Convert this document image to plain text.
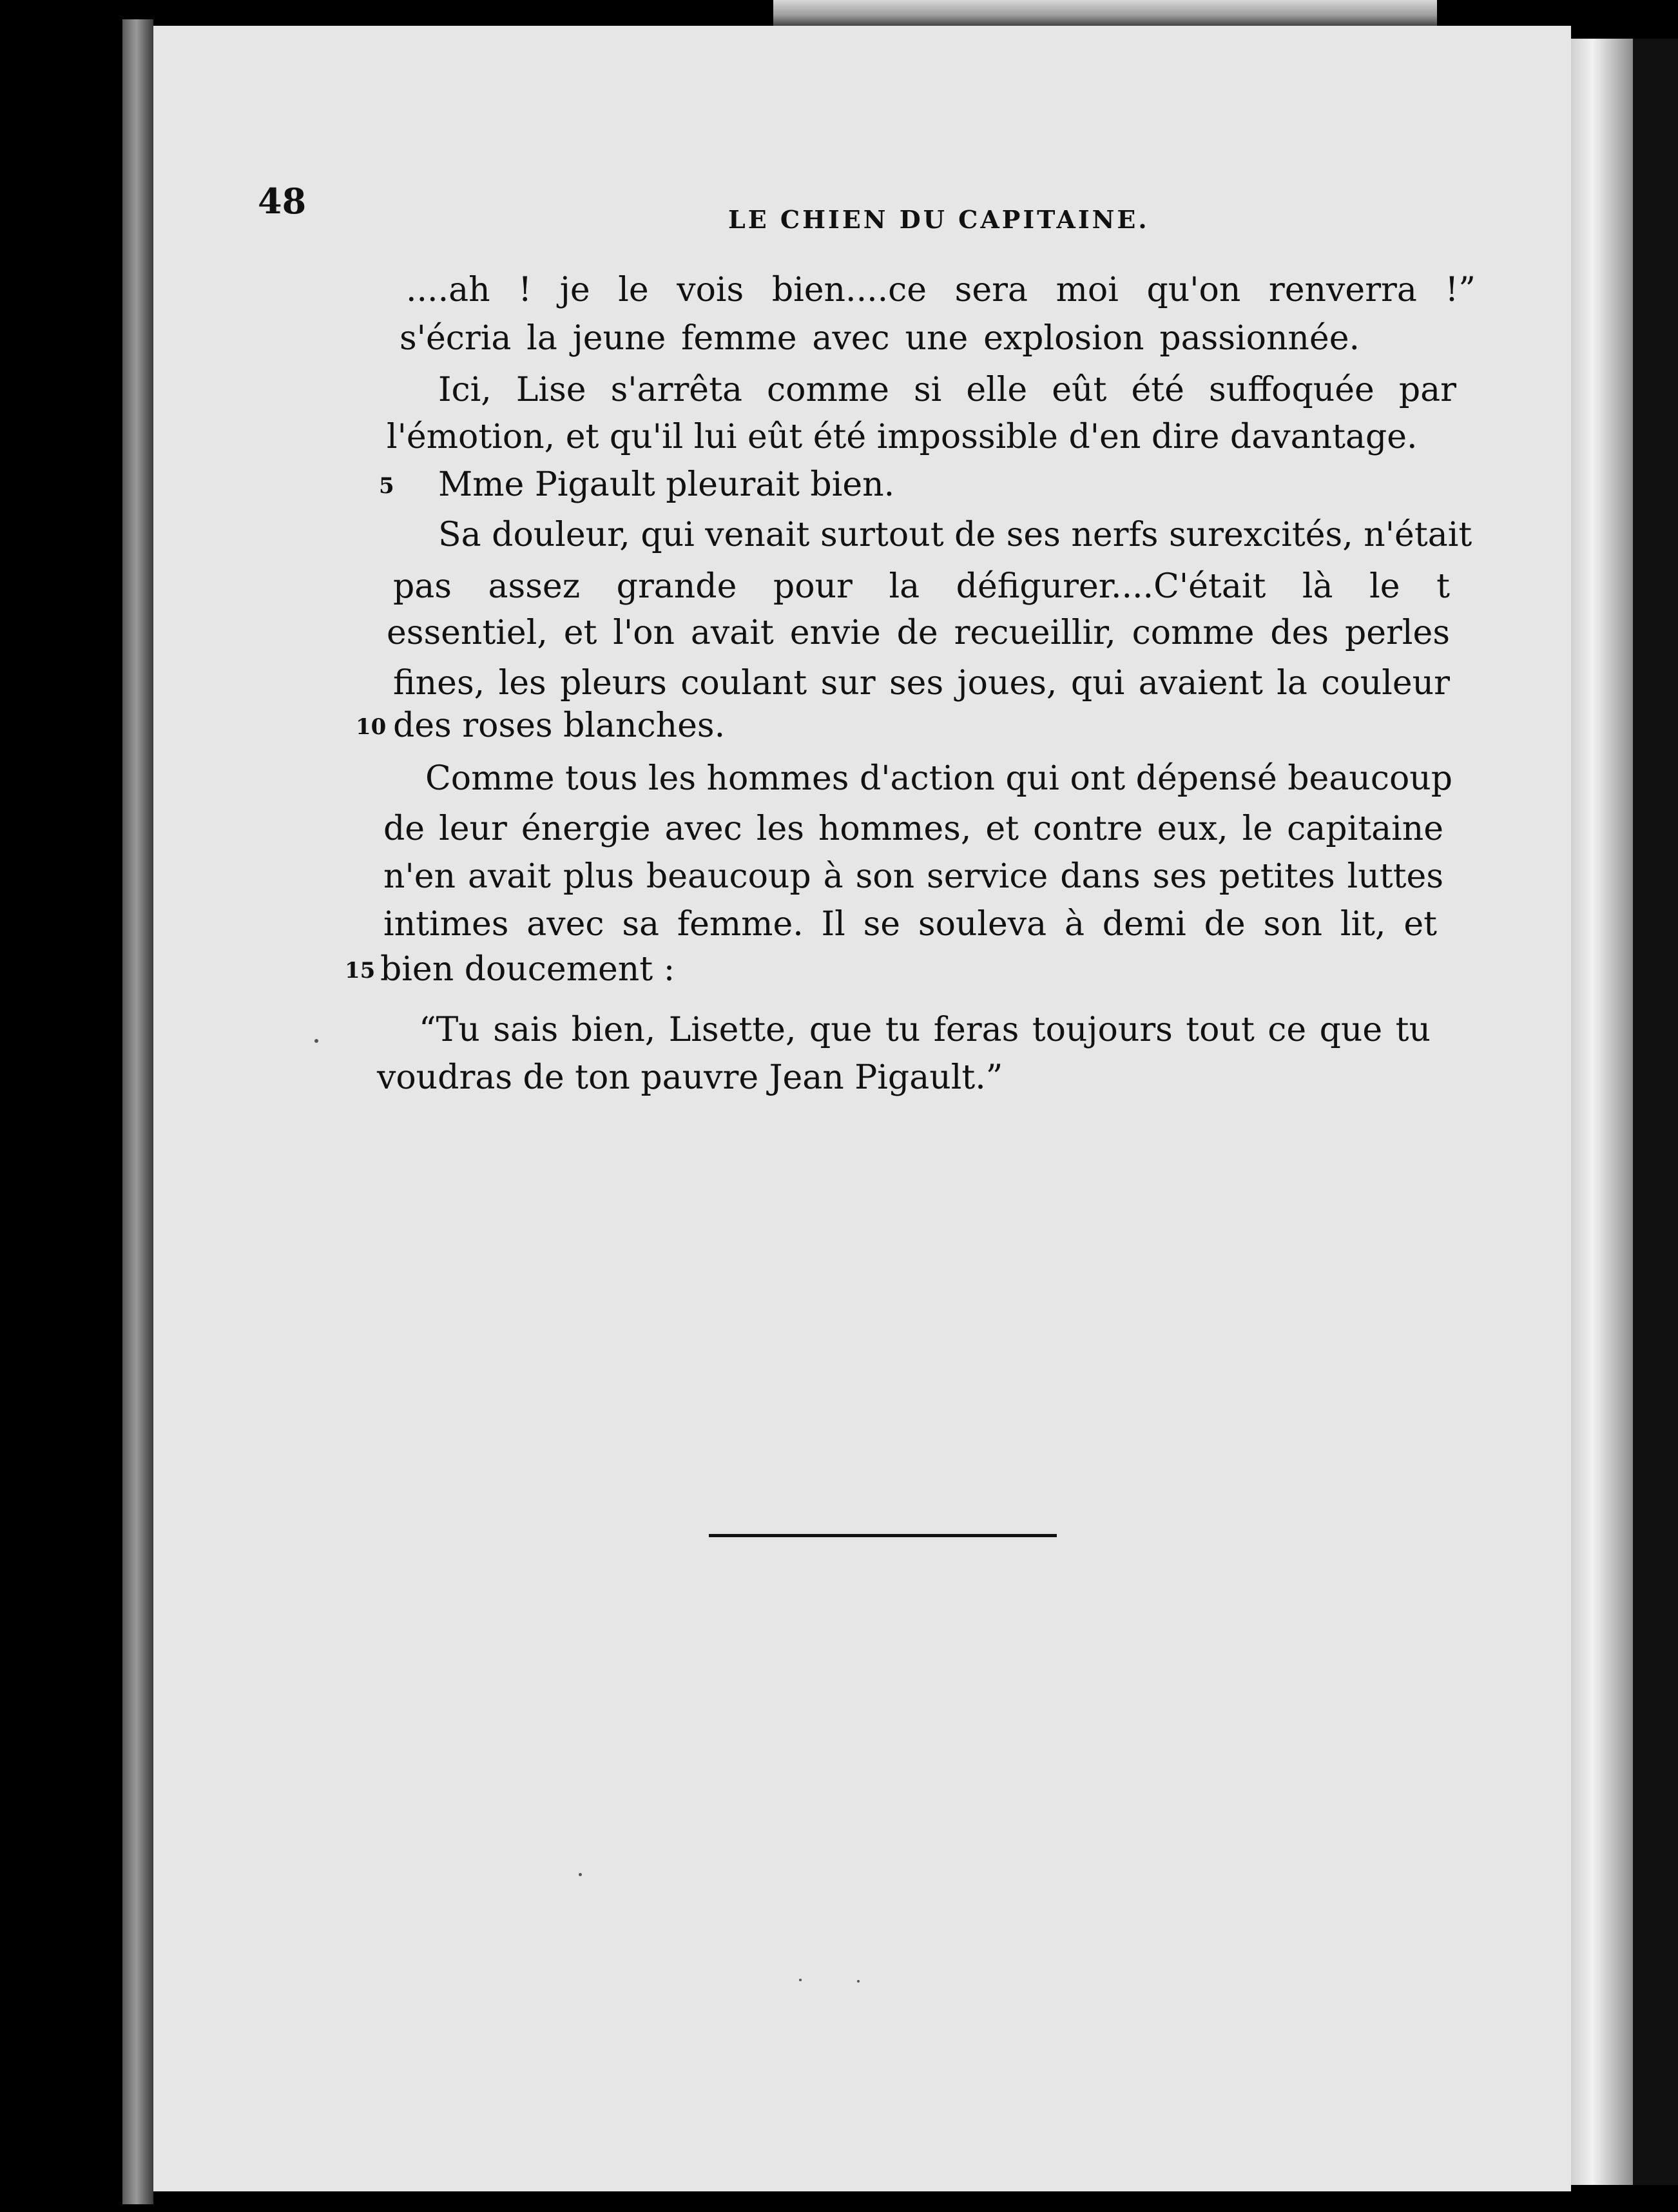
48	LE CHIEN DU CAPITAINE.
....ah ! je le vois bien....ce sera moi qu'on renverra !”
s'écria la jeune femme avec une explosion passionnée.
Ici, Lise s'arrêta comme si elle eût été suffoquée par
l'émotion, et qu'il lui eût été impossible d'en dire davantage.
5 Mme Pigault pleurait bien.
Sa douleur, qui venait surtout de ses nerfs surexcités, n'était
pas assez grande pour la défigurer....C'était là le t
essentiel, et l'on avait envie de recueillir, comme des perles
fines, les pleurs coulant sur ses joues, qui avaient la couleur
10 des roses blanches.
Comme tous les hommes d'action qui ont dépensé beaucoup
de leur énergie avec les hommes, et contre eux, le capitaine
n'en avait plus beaucoup à son service dans ses petites luttes
intimes avec sa femme. Il se souleva à demi de son lit, et
15 bien doucement :
“Tu sais bien, Lisette, que tu feras toujours tout ce que tu
voudras de ton pauvre Jean Pigault.”
